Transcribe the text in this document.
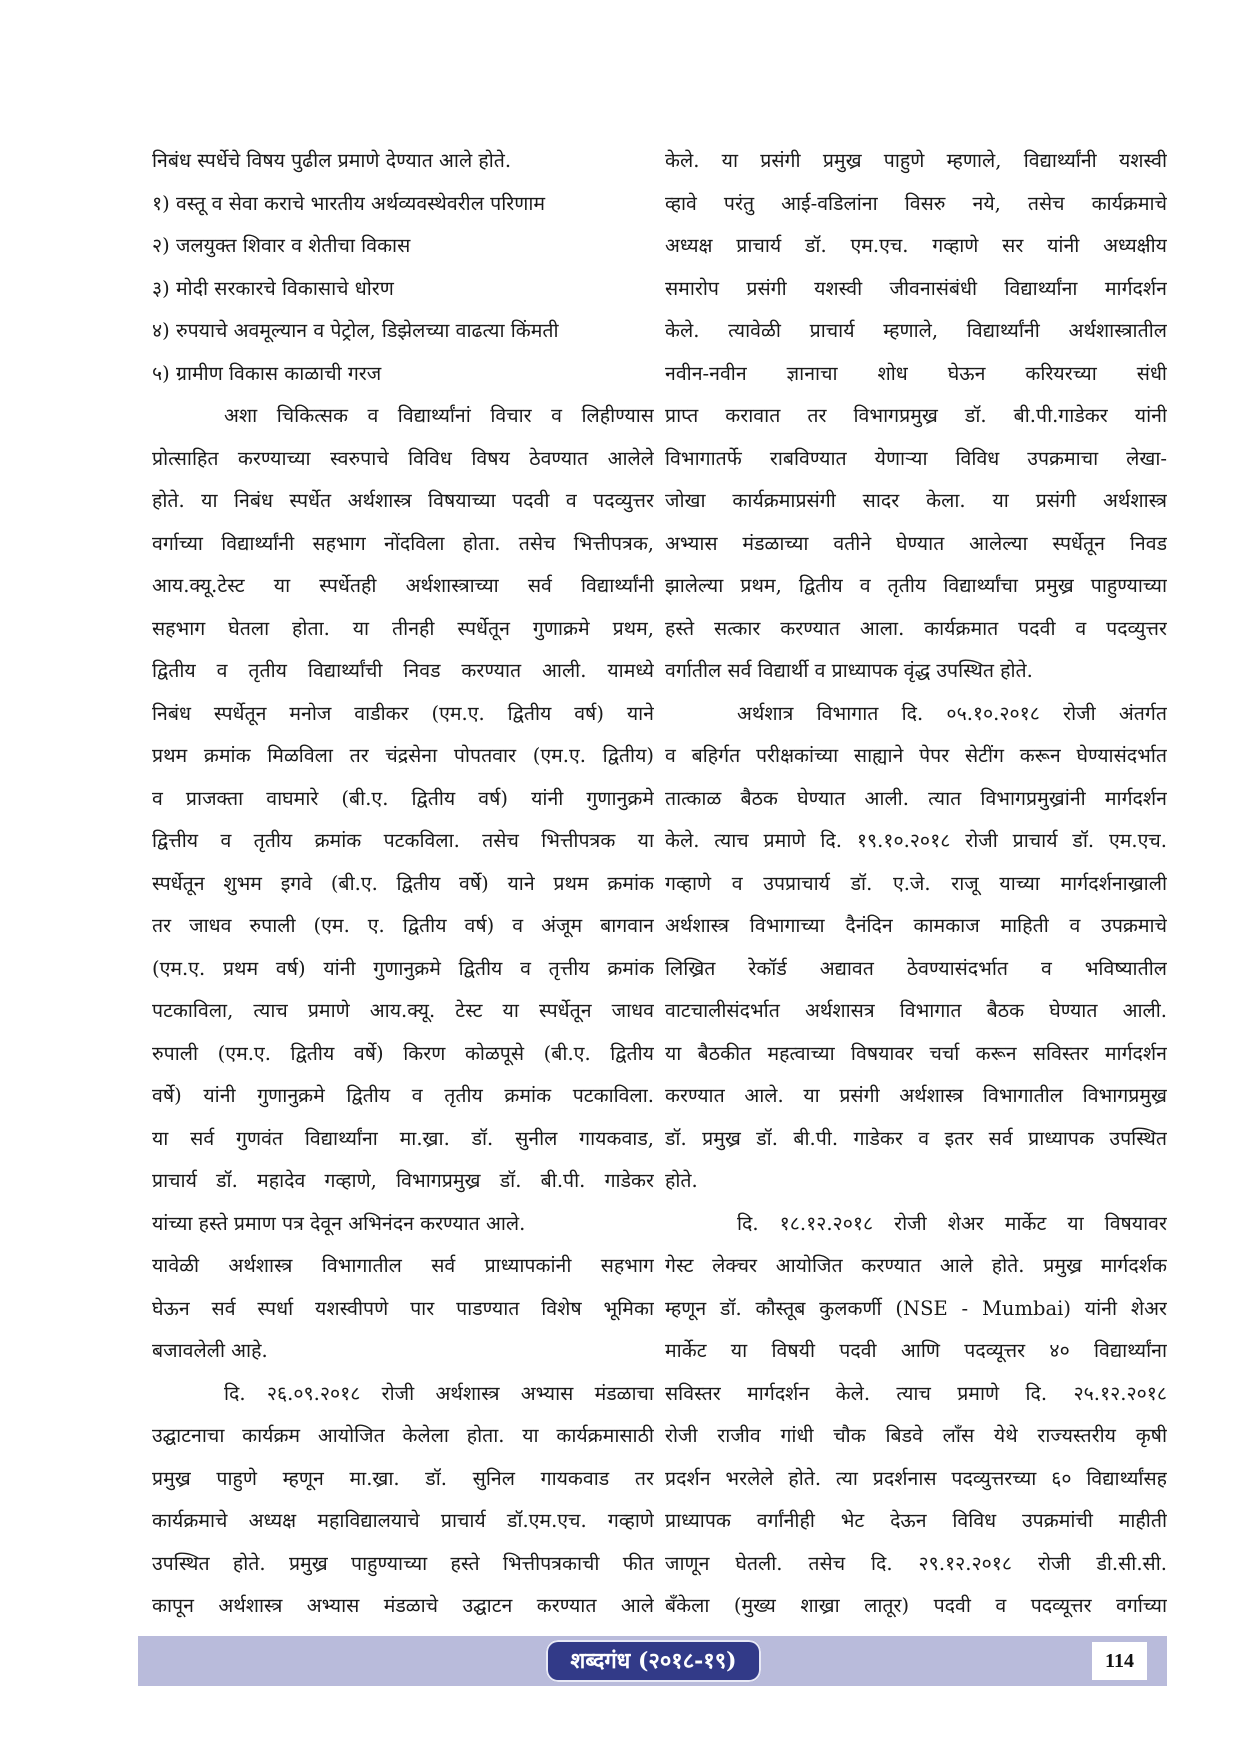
निबंध स्पर्धेचे विषय पुढील प्रमाणे देण्यात आले होते.
१) वस्तू व सेवा कराचे भारतीय अर्थव्यवस्थेवरील परिणाम
२) जलयुक्त शिवार व शेतीचा विकास
३) मोदी सरकारचे विकासाचे धोरण
४) रुपयाचे अवमूल्यान व पेट्रोल, डिझेलच्या वाढत्या किंमती
५) ग्रामीण विकास काळाची गरज
अशा चिकित्सक व विद्यार्थ्यांनां विचार व लिहीण्यास
प्रोत्साहित करण्याच्या स्वरुपाचे विविध विषय ठेवण्यात आलेले
होते. या निबंध स्पर्धेत अर्थशास्त्र विषयाच्या पदवी व पदव्युत्तर
वर्गाच्या विद्यार्थ्यांनी सहभाग नोंदविला होता. तसेच भित्तीपत्रक,
आय.क्यू.टेस्ट या स्पर्धेतही अर्थशास्त्राच्या सर्व विद्यार्थ्यांनी
सहभाग घेतला होता. या तीनही स्पर्धेतून गुणाक्रमे प्रथम,
द्वितीय व तृतीय विद्यार्थ्यांची निवड करण्यात आली. यामध्ये
निबंध स्पर्धेतून मनोज वाडीकर (एम.ए. द्वितीय वर्ष) याने
प्रथम क्रमांक मिळविला तर चंद्रसेना पोपतवार (एम.ए. द्वितीय)
व प्राजक्ता वाघमारे (बी.ए. द्वितीय वर्ष) यांनी गुणानुक्रमे
द्वित्तीय व तृतीय क्रमांक पटकविला. तसेच भित्तीपत्रक या
स्पर्धेतून शुभम इगवे (बी.ए. द्वितीय वर्षे) याने प्रथम क्रमांक
तर जाधव रुपाली (एम. ए. द्वितीय वर्ष) व अंजूम बागवान
(एम.ए. प्रथम वर्ष) यांनी गुणानुक्रमे द्वितीय व तृत्तीय क्रमांक
पटकाविला, त्याच प्रमाणे आय.क्यू. टेस्ट या स्पर्धेतून जाधव
रुपाली (एम.ए. द्वितीय वर्षे) किरण कोळपूसे (बी.ए. द्वितीय
वर्षे) यांनी गुणानुक्रमे द्वितीय व तृतीय क्रमांक पटकाविला.
या सर्व गुणवंत विद्यार्थ्यांना मा.ख्रा. डॉ. सुनील गायकवाड,
प्राचार्य डॉ. महादेव गव्हाणे, विभागप्रमुख्र डॉ. बी.पी. गाडेकर
यांच्या हस्ते प्रमाण पत्र देवून अभिनंदन करण्यात आले.
यावेळी अर्थशास्त्र विभागातील सर्व प्राध्यापकांनी सहभाग
घेऊन सर्व स्पर्धा यशस्वीपणे पार पाडण्यात विशेष भूमिका
बजावलेली आहे.
दि. २६.०९.२०१८ रोजी अर्थशास्त्र अभ्यास मंडळाचा
उद्घाटनाचा कार्यक्रम आयोजित केलेला होता. या कार्यक्रमासाठी
प्रमुख्र पाहुणे म्हणून मा.ख्रा. डॉ. सुनिल गायकवाड तर
कार्यक्रमाचे अध्यक्ष महाविद्यालयाचे प्राचार्य डॉ.एम.एच. गव्हाणे
उपस्थित होते. प्रमुख्र पाहुण्याच्या हस्ते भित्तीपत्रकाची फीत
कापून अर्थशास्त्र अभ्यास मंडळाचे उद्घाटन करण्यात आले
केले. या प्रसंगी प्रमुख्र पाहुणे म्हणाले, विद्यार्थ्यांनी यशस्वी
व्हावे परंतु आई-वडिलांना विसरु नये, तसेच कार्यक्रमाचे
अध्यक्ष प्राचार्य डॉ. एम.एच. गव्हाणे सर यांनी अध्यक्षीय
समारोप प्रसंगी यशस्वी जीवनासंबंधी विद्यार्थ्यांना मार्गदर्शन
केले. त्यावेळी प्राचार्य म्हणाले, विद्यार्थ्यांनी अर्थशास्त्रातील
नवीन-नवीन ज्ञानाचा शोध घेऊन करियरच्या संधी
प्राप्त करावात तर विभागप्रमुख्र डॉ. बी.पी.गाडेकर यांनी
विभागातर्फे राबविण्यात येणाऱ्या विविध उपक्रमाचा लेखा-
जोखा कार्यक्रमाप्रसंगी सादर केला. या प्रसंगी अर्थशास्त्र
अभ्यास मंडळाच्या वतीने घेण्यात आलेल्या स्पर्धेतून निवड
झालेल्या प्रथम, द्वितीय व तृतीय विद्यार्थ्यांचा प्रमुख्र पाहुण्याच्या
हस्ते सत्कार करण्यात आला. कार्यक्रमात पदवी व पदव्युत्तर
वर्गातील सर्व विद्यार्थी व प्राध्यापक वृंद्ध उपस्थित होते.
अर्थशात्र विभागात दि. ०५.१०.२०१८ रोजी अंतर्गत
व बहिर्गत परीक्षकांच्या साह्याने पेपर सेटींग करून घेण्यासंदर्भात
तात्काळ बैठक घेण्यात आली. त्यात विभागप्रमुख्रांनी मार्गदर्शन
केले. त्याच प्रमाणे दि. १९.१०.२०१८ रोजी प्राचार्य डॉ. एम.एच.
गव्हाणे व उपप्राचार्य डॉ. ए.जे. राजू याच्या मार्गदर्शनाख्राली
अर्थशास्त्र विभागाच्या दैनंदिन कामकाज माहिती व उपक्रमाचे
लिख्रित रेकॉर्ड अद्यावत ठेवण्यासंदर्भात व भविष्यातील
वाटचालीसंदर्भात अर्थशासत्र विभागात बैठक घेण्यात आली.
या बैठकीत महत्वाच्या विषयावर चर्चा करून सविस्तर मार्गदर्शन
करण्यात आले. या प्रसंगी अर्थशास्त्र विभागातील विभागप्रमुख्र
डॉ. प्रमुख्र डॉ. बी.पी. गाडेकर व इतर सर्व प्राध्यापक उपस्थित
होते.
दि. १८.१२.२०१८ रोजी शेअर मार्केट या विषयावर
गेस्ट लेक्चर आयोजित करण्यात आले होते. प्रमुख्र मार्गदर्शक
म्हणून डॉ. कौस्तूब कुलकर्णी (NSE - Mumbai) यांनी शेअर
मार्केट या विषयी पदवी आणि पदव्यूत्तर ४० विद्यार्थ्यांना
सविस्तर मार्गदर्शन केले. त्याच प्रमाणे दि. २५.१२.२०१८
रोजी राजीव गांधी चौक बिडवे लॉंस येथे राज्यस्तरीय कृषी
प्रदर्शन भरलेले होते. त्या प्रदर्शनास पदव्युत्तरच्या ६० विद्यार्थ्यांसह
प्राध्यापक वर्गांनीही भेट देऊन विविध उपक्रमांची माहीती
जाणून घेतली. तसेच दि. २९.१२.२०१८ रोजी डी.सी.सी.
बँकेला (मुख्य शाख्रा लातूर) पदवी व पदव्यूत्तर वर्गाच्या
शब्दगंध (२०१८-१९)	114
